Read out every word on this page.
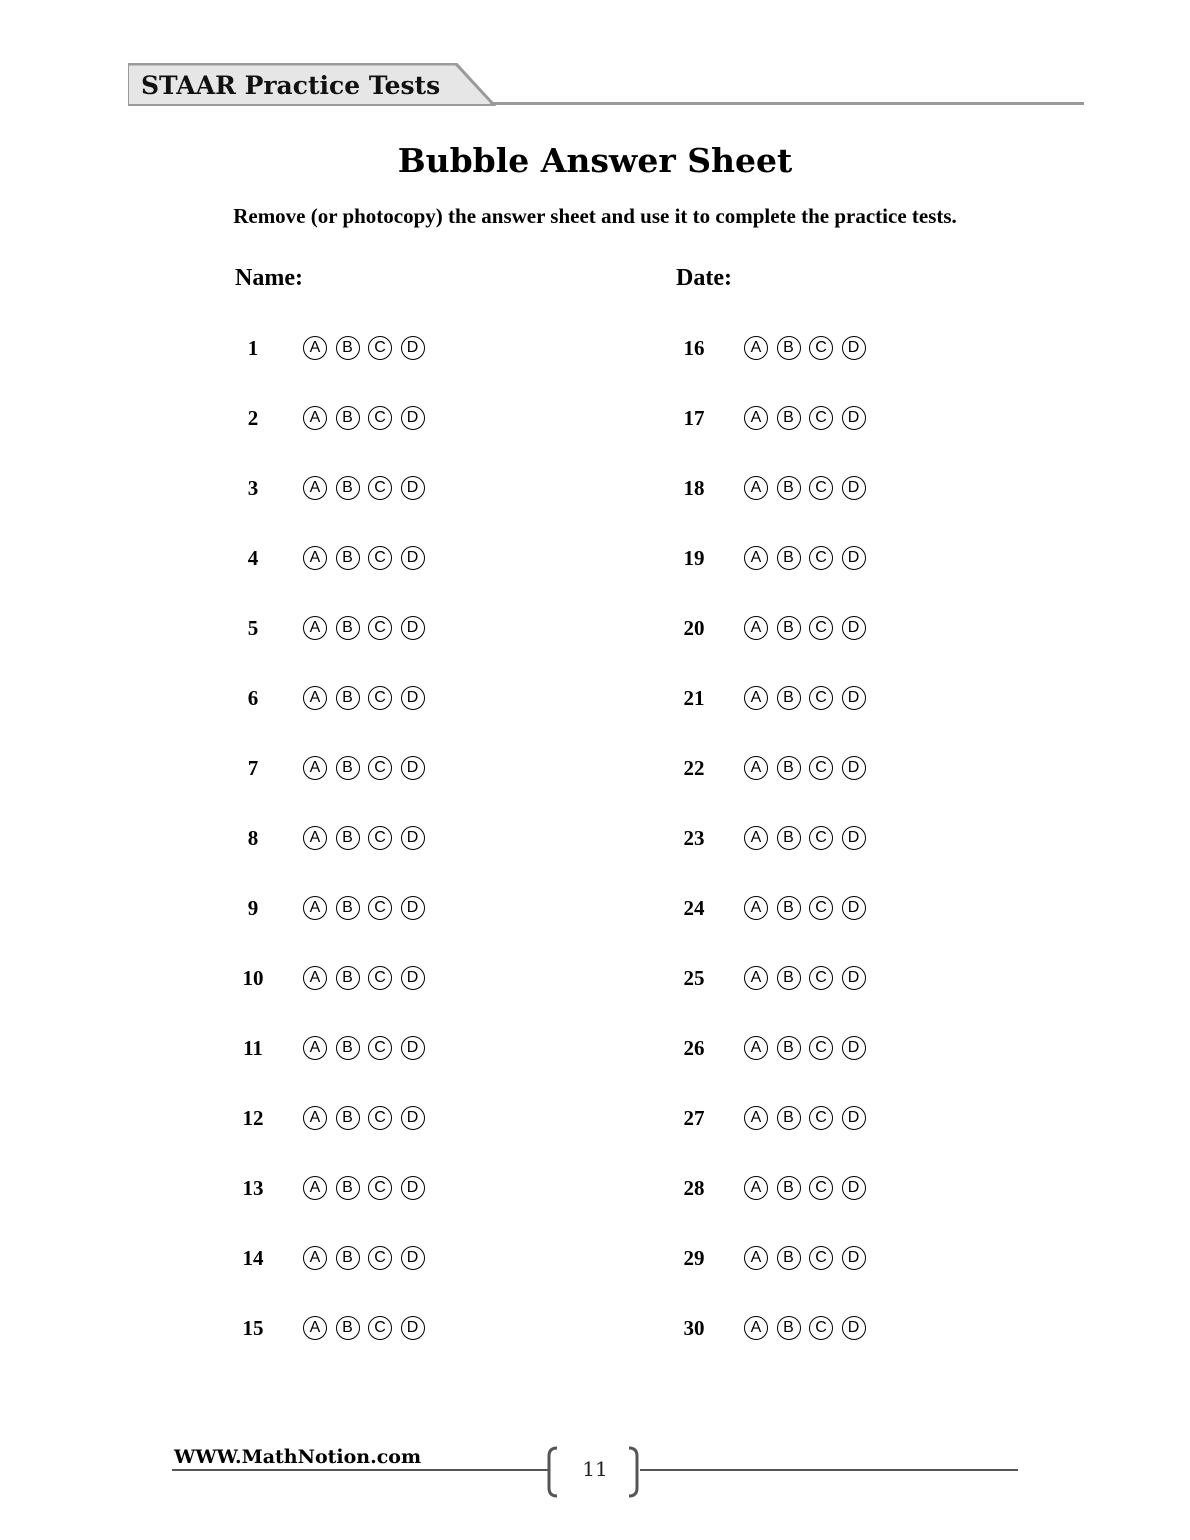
STAAR Practice Tests
Bubble Answer Sheet
Remove (or photocopy) the answer sheet and use it to complete the practice tests.
Name:	Date:
1	A	B	C	D
2	A	B	C	D
3	A	B	C	D
4	A	B	C	D
5	A	B	C	D
6	A	B	C	D
7	A	B	C	D
8	A	B	C	D
9	A	B	C	D
10	A	B	C	D
11	A	B	C	D
12	A	B	C	D
13	A	B	C	D
14	A	B	C	D
15	A	B	C	D
16	A	B	C	D
17	A	B	C	D
18	A	B	C	D
19	A	B	C	D
20	A	B	C	D
21	A	B	C	D
22	A	B	C	D
23	A	B	C	D
24	A	B	C	D
25	A	B	C	D
26	A	B	C	D
27	A	B	C	D
28	A	B	C	D
29	A	B	C	D
30	A	B	C	D
WWW.MathNotion.com	11
